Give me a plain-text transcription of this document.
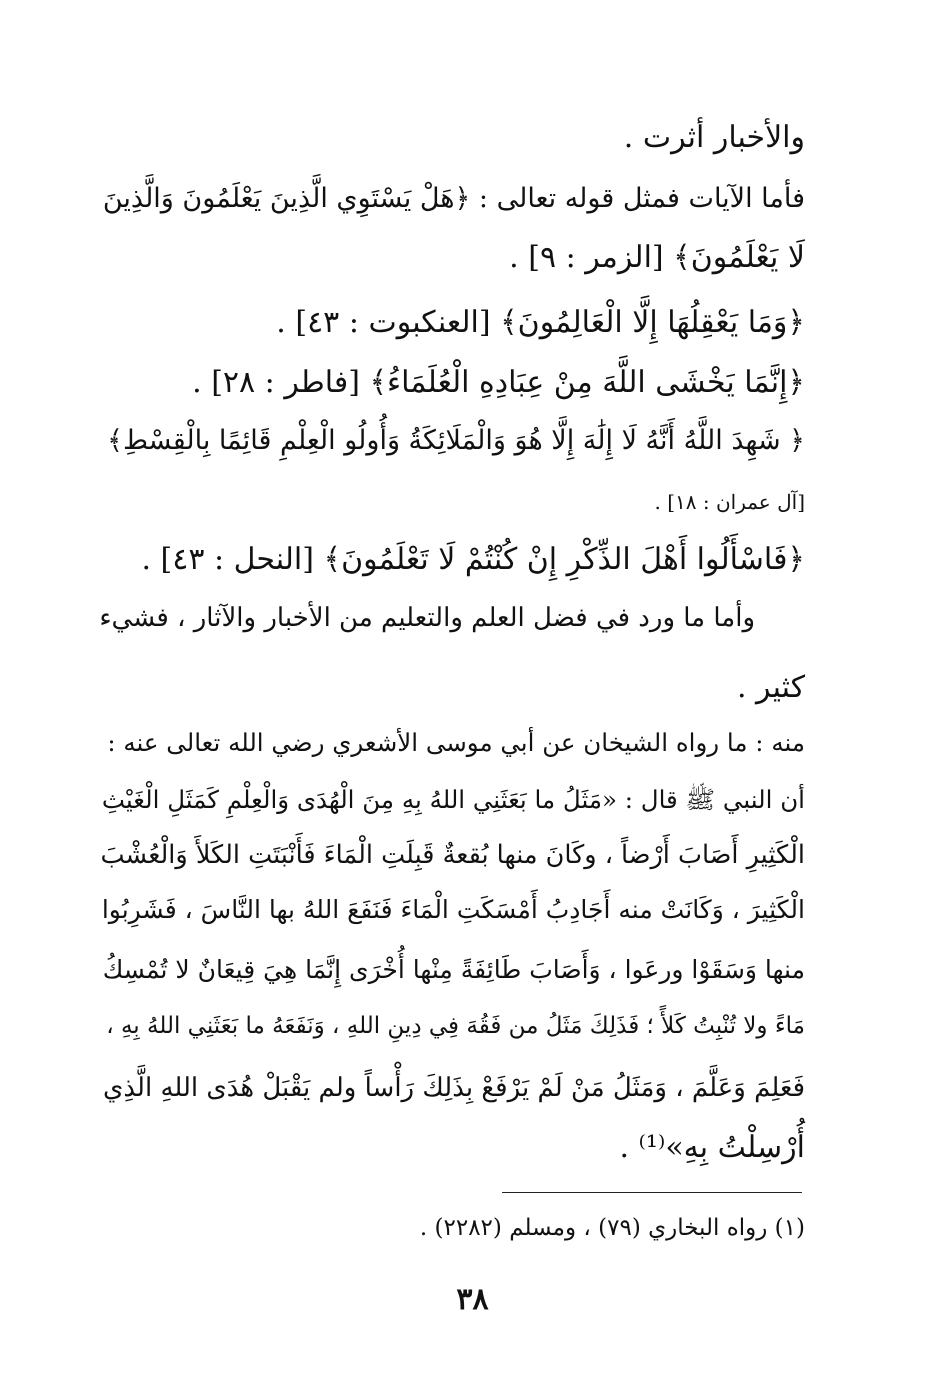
والأخبار أثرت .
فأما الآيات فمثل قوله تعالى : ﴿هَلْ يَسْتَوِي الَّذِينَ يَعْلَمُونَ وَالَّذِينَ
لَا يَعْلَمُونَ﴾ [الزمر : ٩] .
﴿وَمَا يَعْقِلُهَا إِلَّا الْعَالِمُونَ﴾ [العنكبوت : ٤٣] .
﴿إِنَّمَا يَخْشَى اللَّهَ مِنْ عِبَادِهِ الْعُلَمَاءُ﴾ [فاطر : ٢٨] .
﴿ شَهِدَ اللَّهُ أَنَّهُ لَا إِلَٰهَ إِلَّا هُوَ وَالْمَلَائِكَةُ وَأُولُو الْعِلْمِ قَائِمًا بِالْقِسْطِ﴾
[آل عمران : ١٨] .
﴿فَاسْأَلُوا أَهْلَ الذِّكْرِ إِنْ كُنْتُمْ لَا تَعْلَمُونَ﴾ [النحل : ٤٣] .
وأما ما ورد في فضل العلم والتعليم من الأخبار والآثار ، فشيء
كثير .
منه : ما رواه الشيخان عن أبي موسى الأشعري رضي الله تعالى عنه :
أن النبي ﷺ قال : «مَثَلُ ما بَعَثَنِي اللهُ بِهِ مِنَ الْهُدَى وَالْعِلْمِ كَمَثَلِ الْغَيْثِ
الْكَثِيرِ أَصَابَ أَرْضاً ، وكَانَ منها بُقعةٌ قَبِلَتِ الْمَاءَ فَأَنْبَتَتِ الكَلأَ وَالْعُشْبَ
الْكَثِيرَ ، وَكَانَتْ منه أَجَادِبُ أَمْسَكَتِ الْمَاءَ فَنَفَعَ اللهُ بها النَّاسَ ، فَشَرِبُوا
منها وَسَقَوْا ورعَوا ، وَأَصَابَ طَائِفَةً مِنْها أُخْرَى إِنَّمَا هِيَ قِيعَانٌ لا تُمْسِكُ
مَاءً ولا تُنْبِتُ كَلأً ؛ فَذَلِكَ مَثَلُ من فَقُهَ فِي دِينِ اللهِ ، وَنَفَعَهُ ما بَعَثَنِي اللهُ بِهِ ،
فَعَلِمَ وَعَلَّمَ ، وَمَثَلُ مَنْ لَمْ يَرْفَعْ بِذَلِكَ رَأْساً ولم يَقْبَلْ هُدَى اللهِ الَّذِي
أُرْسِلْتُ بِهِ»⁽¹⁾ .
(١) رواه البخاري (٧٩) ، ومسلم (٢٢٨٢) .
٣٨
